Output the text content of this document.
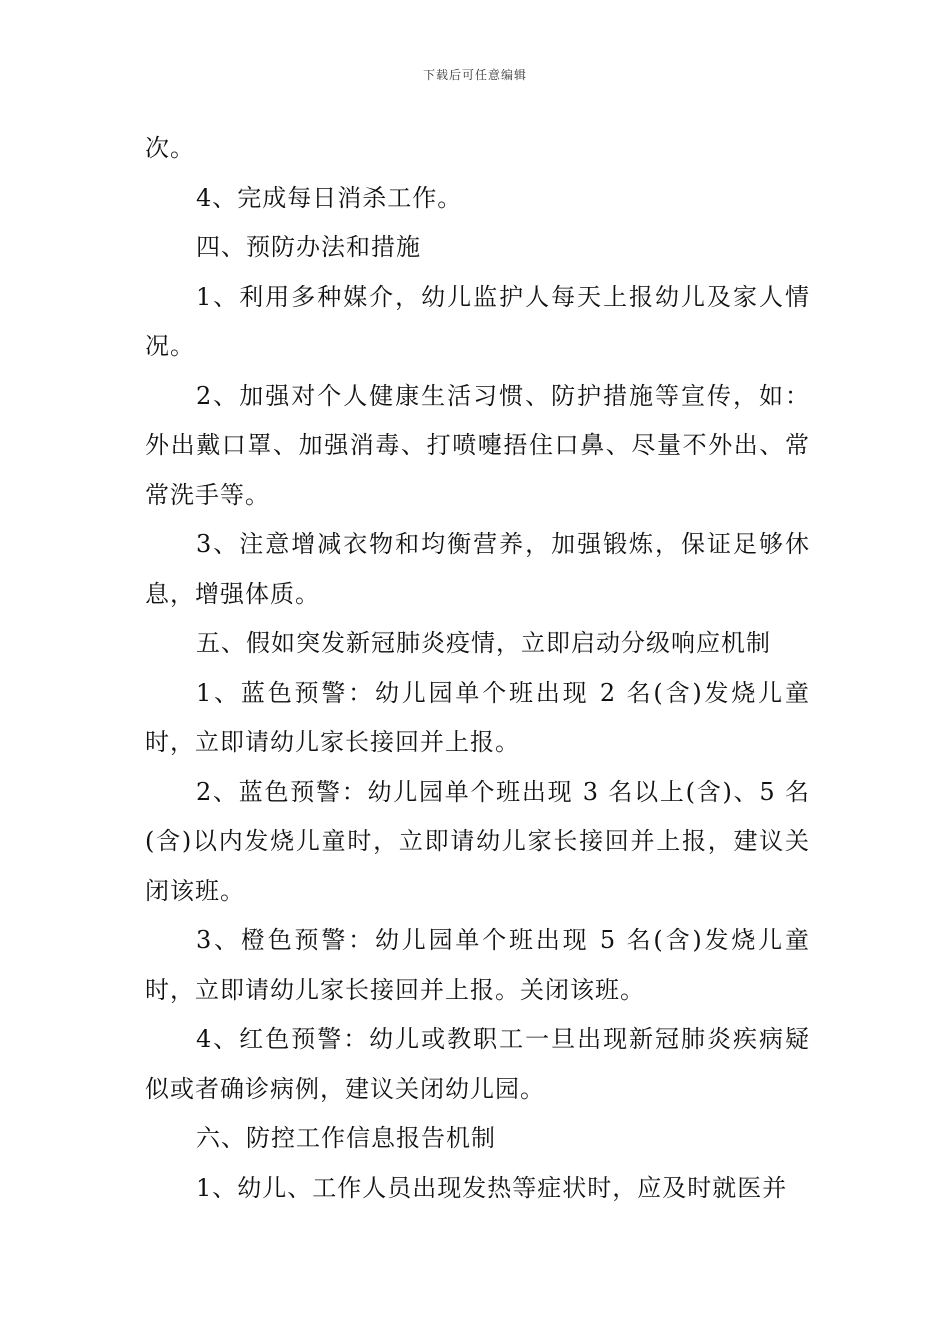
下载后可任意编辑

次。

4、完成每日消杀工作。

四、预防办法和措施

1、利用多种媒介，幼儿监护人每天上报幼儿及家人情况。

2、加强对个人健康生活习惯、防护措施等宣传，如：外出戴口罩、加强消毒、打喷嚏捂住口鼻、尽量不外出、常常洗手等。

3、注意增减衣物和均衡营养，加强锻炼，保证足够休息，增强体质。

五、假如突发新冠肺炎疫情，立即启动分级响应机制

1、蓝色预警：幼儿园单个班出现 2 名(含)发烧儿童时，立即请幼儿家长接回并上报。

2、蓝色预警：幼儿园单个班出现 3 名以上(含)、5 名(含)以内发烧儿童时，立即请幼儿家长接回并上报，建议关闭该班。

3、橙色预警：幼儿园单个班出现 5 名(含)发烧儿童时，立即请幼儿家长接回并上报。关闭该班。

4、红色预警：幼儿或教职工一旦出现新冠肺炎疾病疑似或者确诊病例，建议关闭幼儿园。

六、防控工作信息报告机制

1、幼儿、工作人员出现发热等症状时，应及时就医并
